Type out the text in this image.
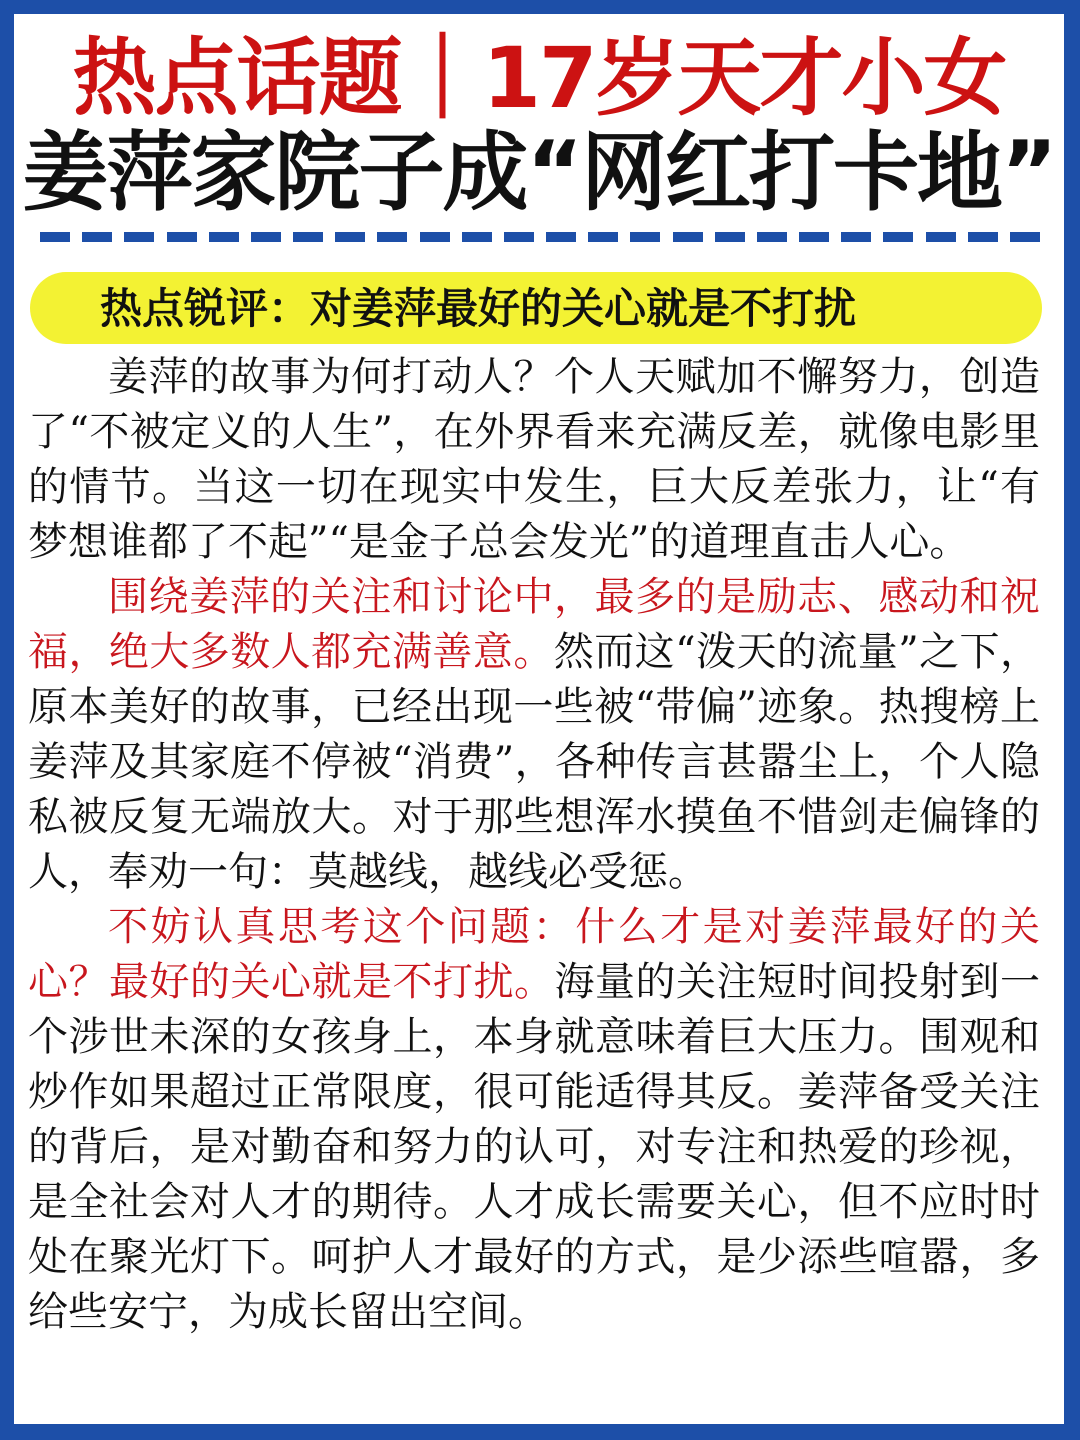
热点话题｜17岁天才小女
姜萍家院子成“网红打卡地”
热点锐评：对姜萍最好的关心就是不打扰

姜萍的故事为何打动人？个人天赋加不懈努力，创造了“不被定义的人生”，在外界看来充满反差，就像电影里的情节。当这一切在现实中发生，巨大反差张力，让“有梦想谁都了不起”“是金子总会发光”的道理直击人心。

围绕姜萍的关注和讨论中，最多的是励志、感动和祝福，绝大多数人都充满善意。然而这“泼天的流量”之下，原本美好的故事，已经出现一些被“带偏”迹象。热搜榜上姜萍及其家庭不停被“消费”，各种传言甚嚣尘上，个人隐私被反复无端放大。对于那些想浑水摸鱼不惜剑走偏锋的人，奉劝一句：莫越线，越线必受惩。

不妨认真思考这个问题：什么才是对姜萍最好的关心？最好的关心就是不打扰。海量的关注短时间投射到一个涉世未深的女孩身上，本身就意味着巨大压力。围观和炒作如果超过正常限度，很可能适得其反。姜萍备受关注的背后，是对勤奋和努力的认可，对专注和热爱的珍视，是全社会对人才的期待。人才成长需要关心，但不应时时处在聚光灯下。呵护人才最好的方式，是少添些喧嚣，多给些安宁，为成长留出空间。
